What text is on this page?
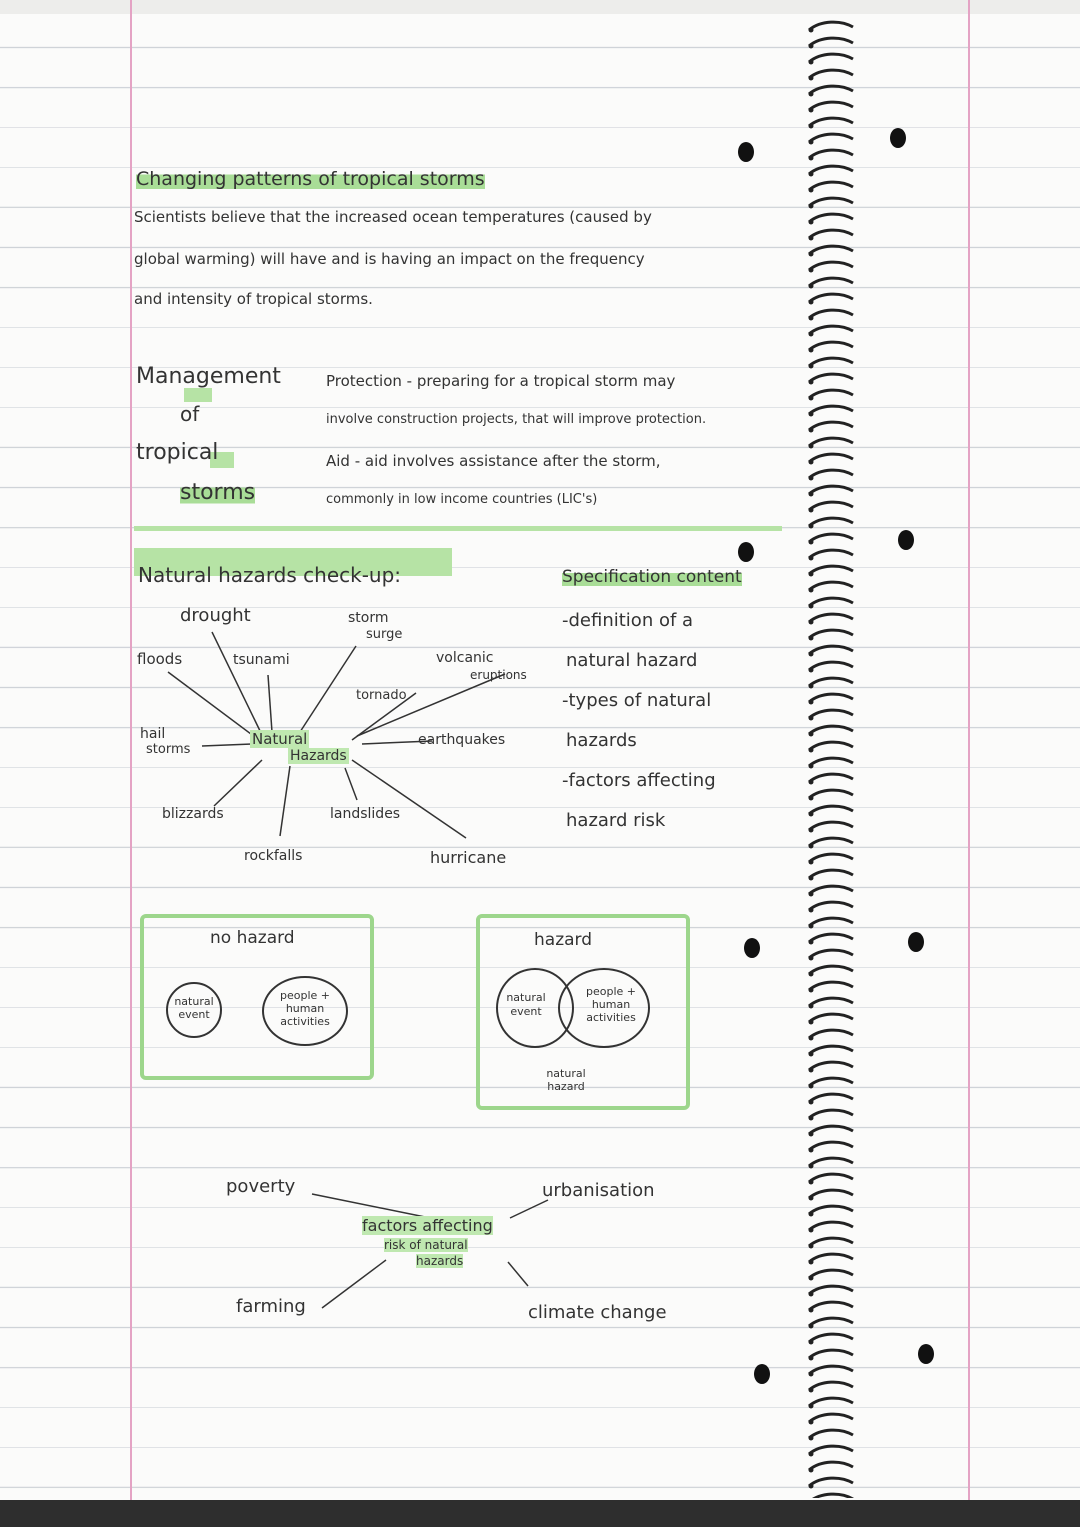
Changing patterns of tropical storms
Scientists believe that the increased ocean temperatures (caused by
global warming) will have and is having an impact on the frequency
and intensity of tropical storms.
Management
of
tropical
storms
Protection - preparing for a tropical storm may
involve construction projects, that will improve protection.
Aid - aid involves assistance after the storm,
commonly in low income countries (LIC's)
Natural hazards check-up:
drought
floods	tsunami
storm
surge
volcanic
eruptions
tornado
earthquakes
hail
storms
blizzards	landslides
rockfalls	hurricane
Natural
Hazards
Specification content
-definition of a
natural hazard
-types of natural
hazards
-factors affecting
hazard risk
no hazard
natural
event
people +
human
activities
hazard
natural
event
people +
human
activities
natural
hazard
poverty	urbanisation
factors affecting
risk of natural
hazards
farming	climate change
